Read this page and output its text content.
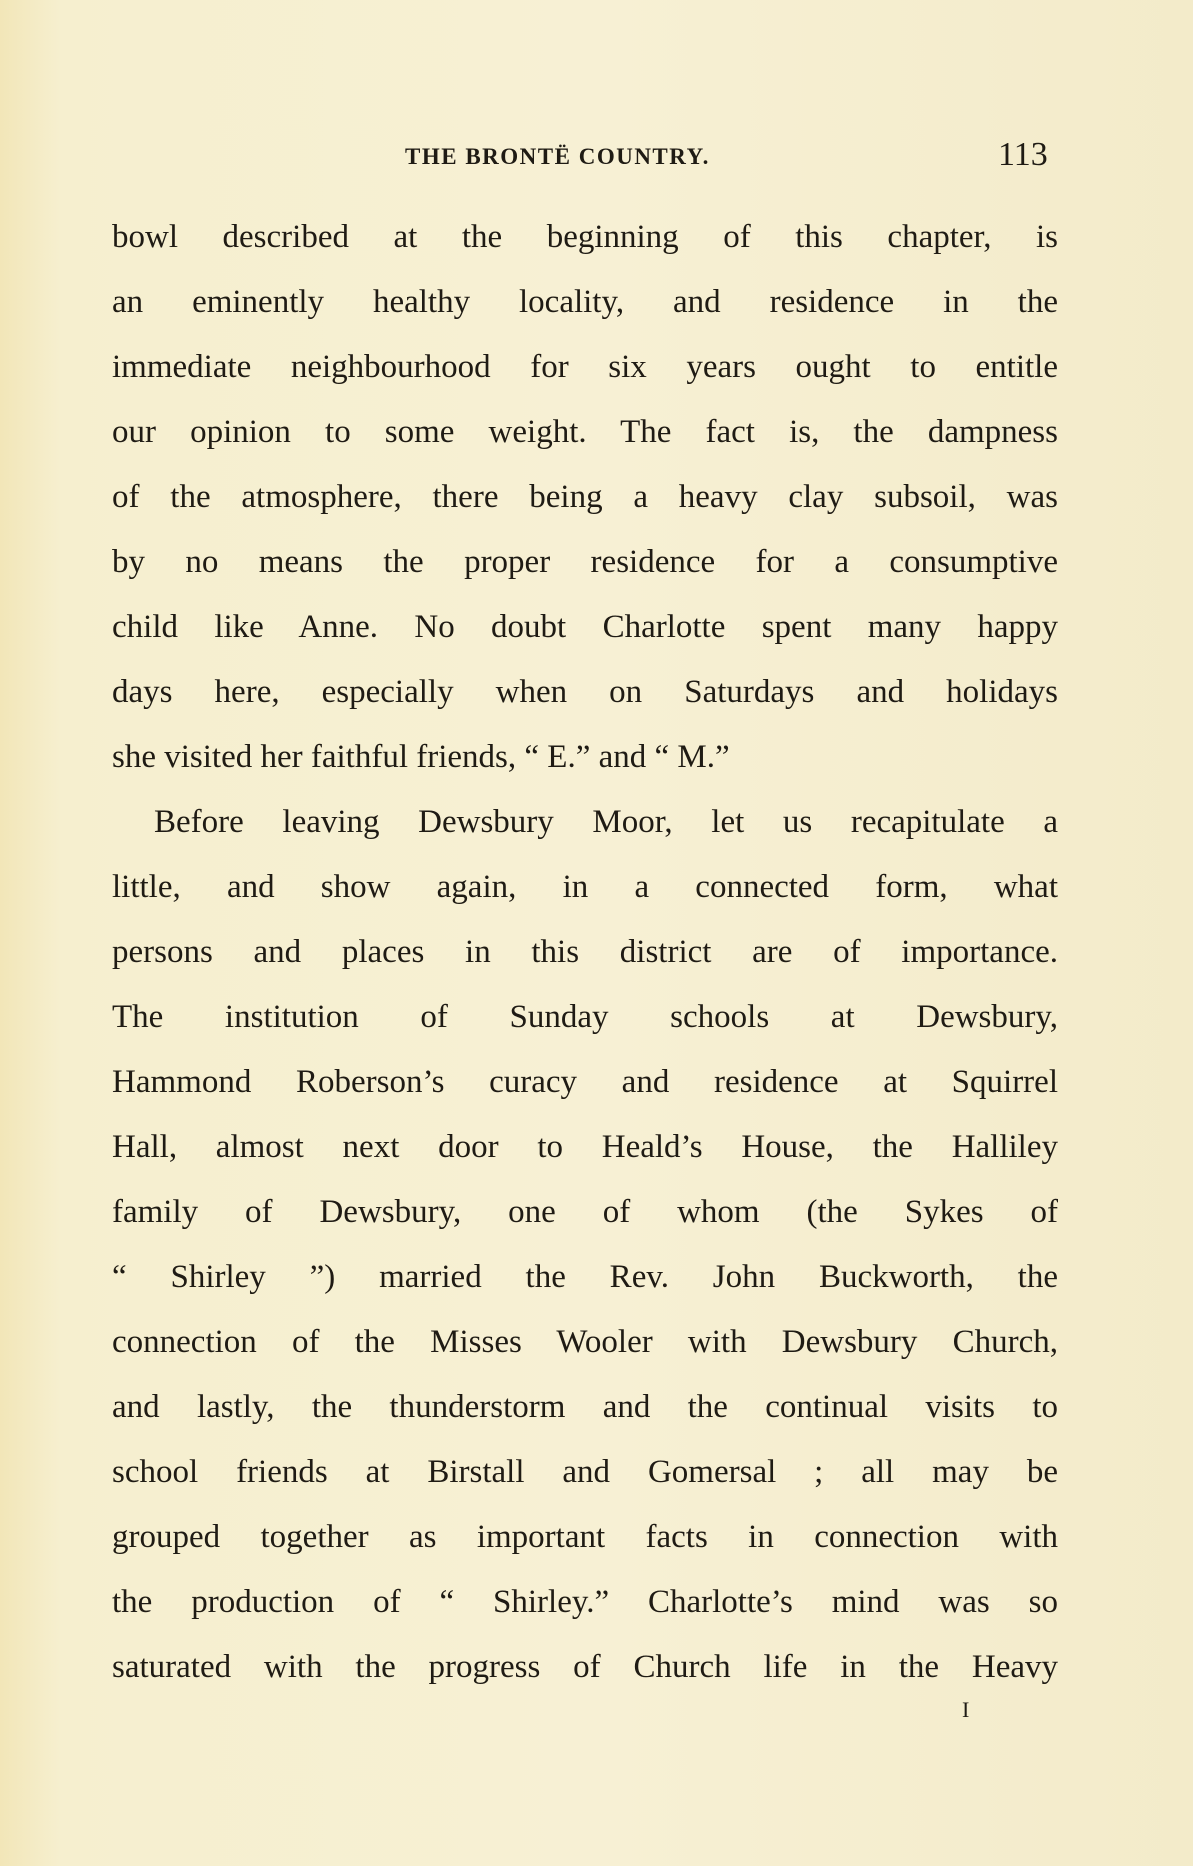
THE BRONTË COUNTRY.	113
bowl described at the beginning of this chapter, is
an eminently healthy locality, and residence in the
immediate neighbourhood for six years ought to entitle
our opinion to some weight. The fact is, the dampness
of the atmosphere, there being a heavy clay subsoil, was
by no means the proper residence for a consumptive
child like Anne. No doubt Charlotte spent many happy
days here, especially when on Saturdays and holidays
she visited her faithful friends, “ E.” and “ M.”
Before leaving Dewsbury Moor, let us recapitulate a
little, and show again, in a connected form, what
persons and places in this district are of importance.
The institution of Sunday schools at Dewsbury,
Hammond Roberson’s curacy and residence at Squirrel
Hall, almost next door to Heald’s House, the Halliley
family of Dewsbury, one of whom (the Sykes of
“ Shirley ”) married the Rev. John Buckworth, the
connection of the Misses Wooler with Dewsbury Church,
and lastly, the thunderstorm and the continual visits to
school friends at Birstall and Gomersal ; all may be
grouped together as important facts in connection with
the production of “ Shirley.” Charlotte’s mind was so
saturated with the progress of Church life in the Heavy
I
